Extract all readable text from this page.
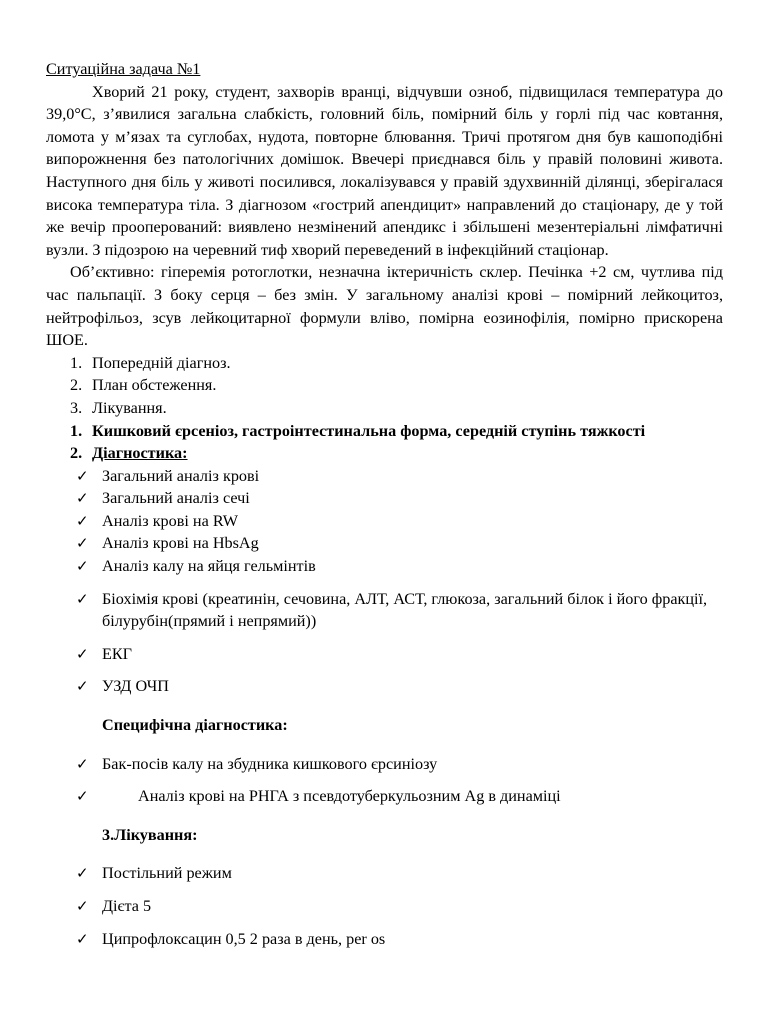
Ситуаційна задача №1
Хворий 21 року, студент, захворів вранці, відчувши озноб, підвищилася температура до 39,0°С, з’явилися загальна слабкість, головний біль, помірний біль у горлі під час ковтання, ломота у м’язах та суглобах, нудота, повторне блювання. Тричі протягом дня був кашоподібні випорожнення без патологічних домішок. Ввечері приєднався біль у правій половині живота. Наступного дня біль у животі посилився, локалізувався у правій здухвинній ділянці, зберігалася висока температура тіла. З діагнозом «гострий апендицит» направлений до стаціонару, де у той же вечір прооперований: виявлено незмінений апендикс і збільшені мезентеріальні лімфатичні вузли. З підозрою на черевний тиф хворий переведений в інфекційний стаціонар.
Об’єктивно: гіперемія ротоглотки, незначна іктеричність склер. Печінка +2 см, чутлива під час пальпації. З боку серця – без змін. У загальному аналізі крові – помірний лейкоцитоз, нейтрофільоз, зсув лейкоцитарної формули вліво, помірна еозинофілія, помірно прискорена ШОЕ.
1. Попередній діагноз.
2. План обстеження.
3. Лікування.
1. Кишковий єрсеніоз, гастроінтестинальна форма, середній ступінь тяжкості
2. Діагностика:
✓ Загальний аналіз крові
✓ Загальний аналіз сечі
✓ Аналіз крові на RW
✓ Аналіз крові на HbsAg
✓ Аналіз калу на яйця гельмінтів
✓ Біохімія крові (креатинін, сечовина, АЛТ, АСТ, глюкоза, загальний білок і його фракції, білурубін(прямий і непрямий))
✓ ЕКГ
✓ УЗД ОЧП
Специфічна діагностика:
✓ Бак-посів калу на збудника кишкового єрсиніозу
✓	Аналіз крові на РНГА з псевдотуберкульозним Ag в динаміці
3.Лікування:
✓ Постільний режим
✓ Дієта 5
✓ Ципрофлоксацин 0,5 2 раза в день, per os
